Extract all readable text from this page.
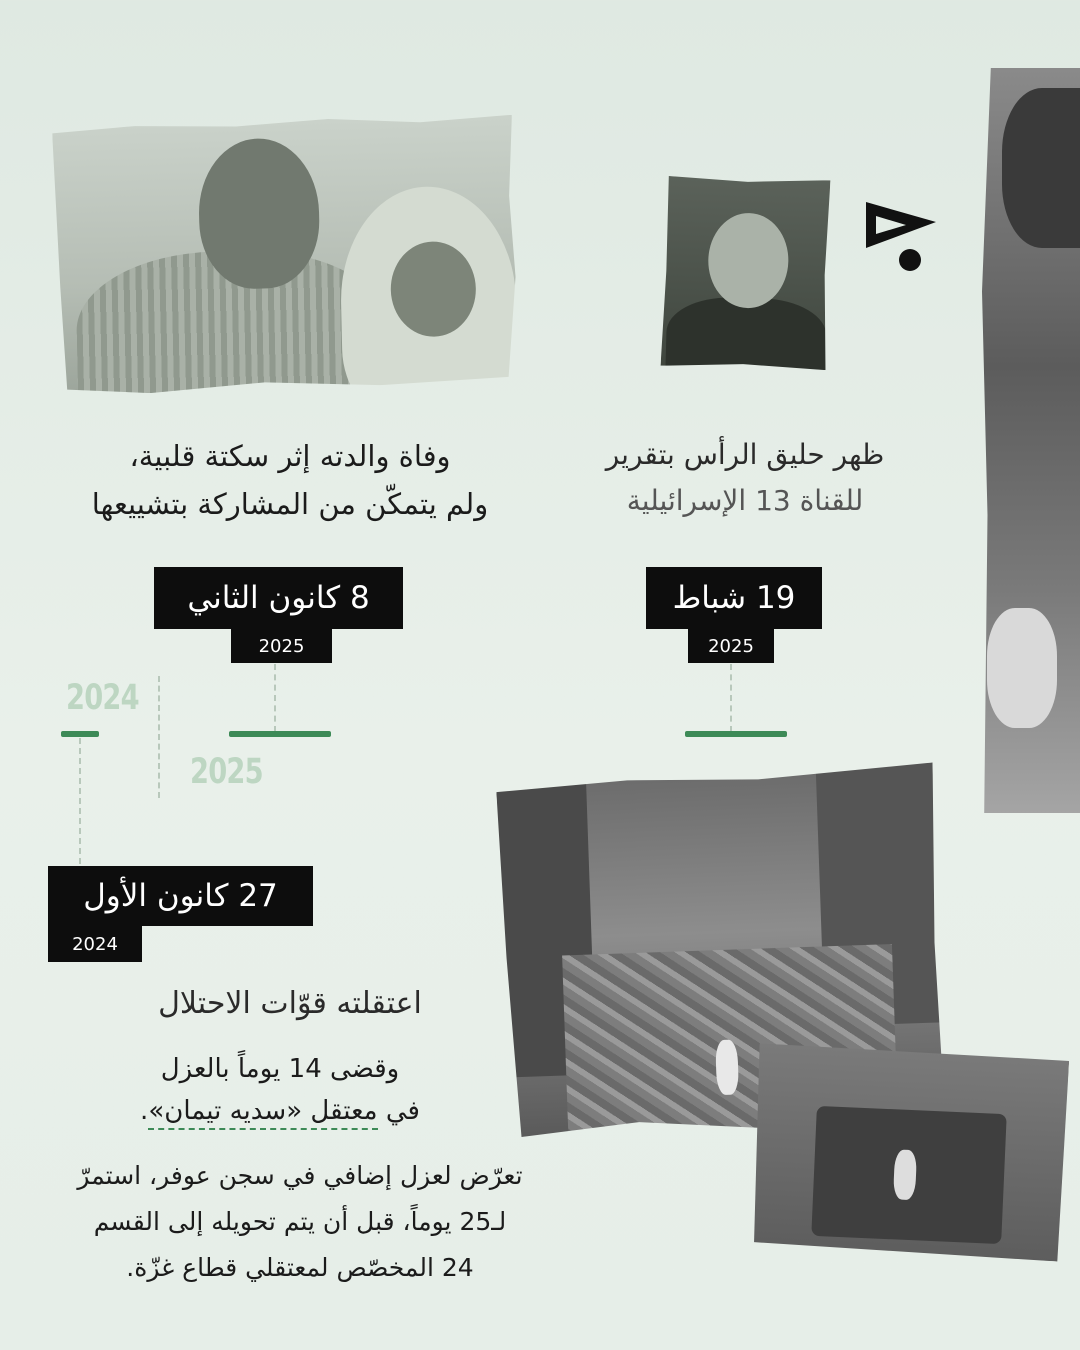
ظهر حليق الرأس بتقرير
للقناة 13 الإسرائيلية
وفاة والدته إثر سكتة قلبية،
ولم يتمكّن من المشاركة بتشييعها
19 شباط
2025
8 كانون الثاني
2025
27 كانون الأول
2024
2024
2025
اعتقلته قوّات الاحتلال
وقضى 14 يوماً بالعزل
في معتقل «سديه تيمان».
تعرّض لعزل إضافي في سجن عوفر، استمرّ
لـ25 يوماً، قبل أن يتم تحويله إلى القسم
24 المخصّص لمعتقلي قطاع غزّة.
